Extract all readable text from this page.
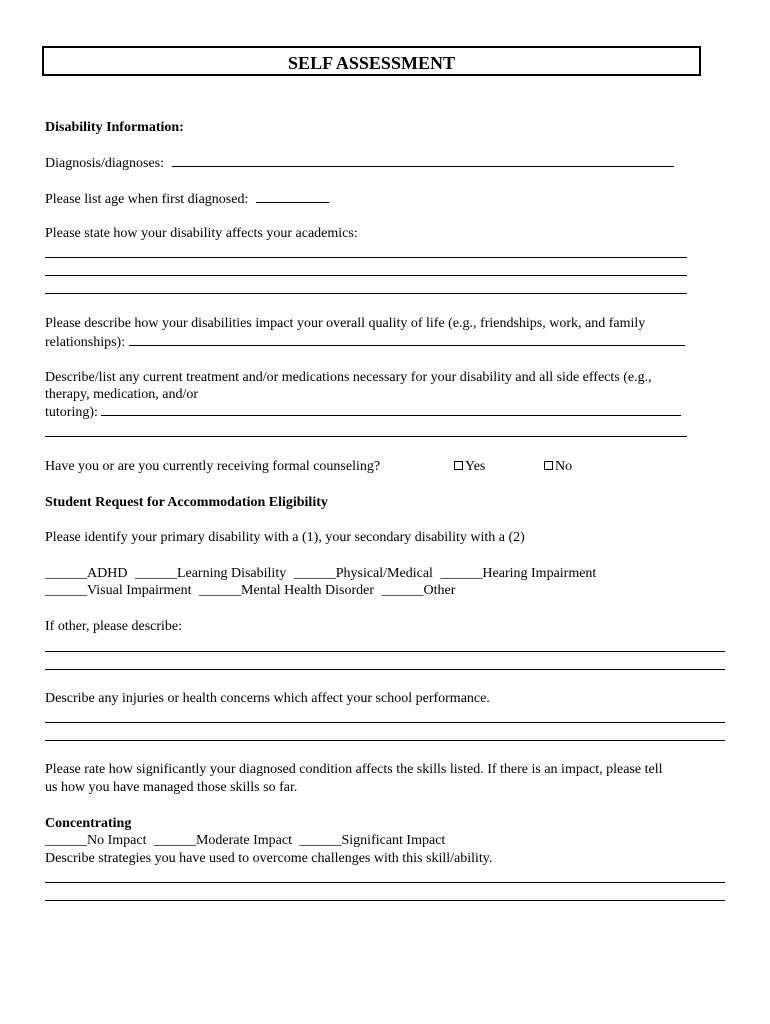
SELF ASSESSMENT
Disability Information:
Diagnosis/diagnoses:
Please list age when first diagnosed:
Please state how your disability affects your academics:
Please describe how your disabilities impact your overall quality of life (e.g., friendships, work, and family
relationships):
Describe/list any current treatment and/or medications necessary for your disability and all side effects (e.g.,
therapy, medication, and/or
tutoring):
Have you or are you currently receiving formal counseling?	Yes	No
Student Request for Accommodation Eligibility
Please identify your primary disability with a (1), your secondary disability with a (2)
______ADHD ______Learning Disability ______Physical/Medical ______Hearing Impairment
______Visual Impairment ______Mental Health Disorder ______Other
If other, please describe:
Describe any injuries or health concerns which affect your school performance.
Please rate how significantly your diagnosed condition affects the skills listed. If there is an impact, please tell
us how you have managed those skills so far.
Concentrating
______No Impact ______Moderate Impact ______Significant Impact
Describe strategies you have used to overcome challenges with this skill/ability.
